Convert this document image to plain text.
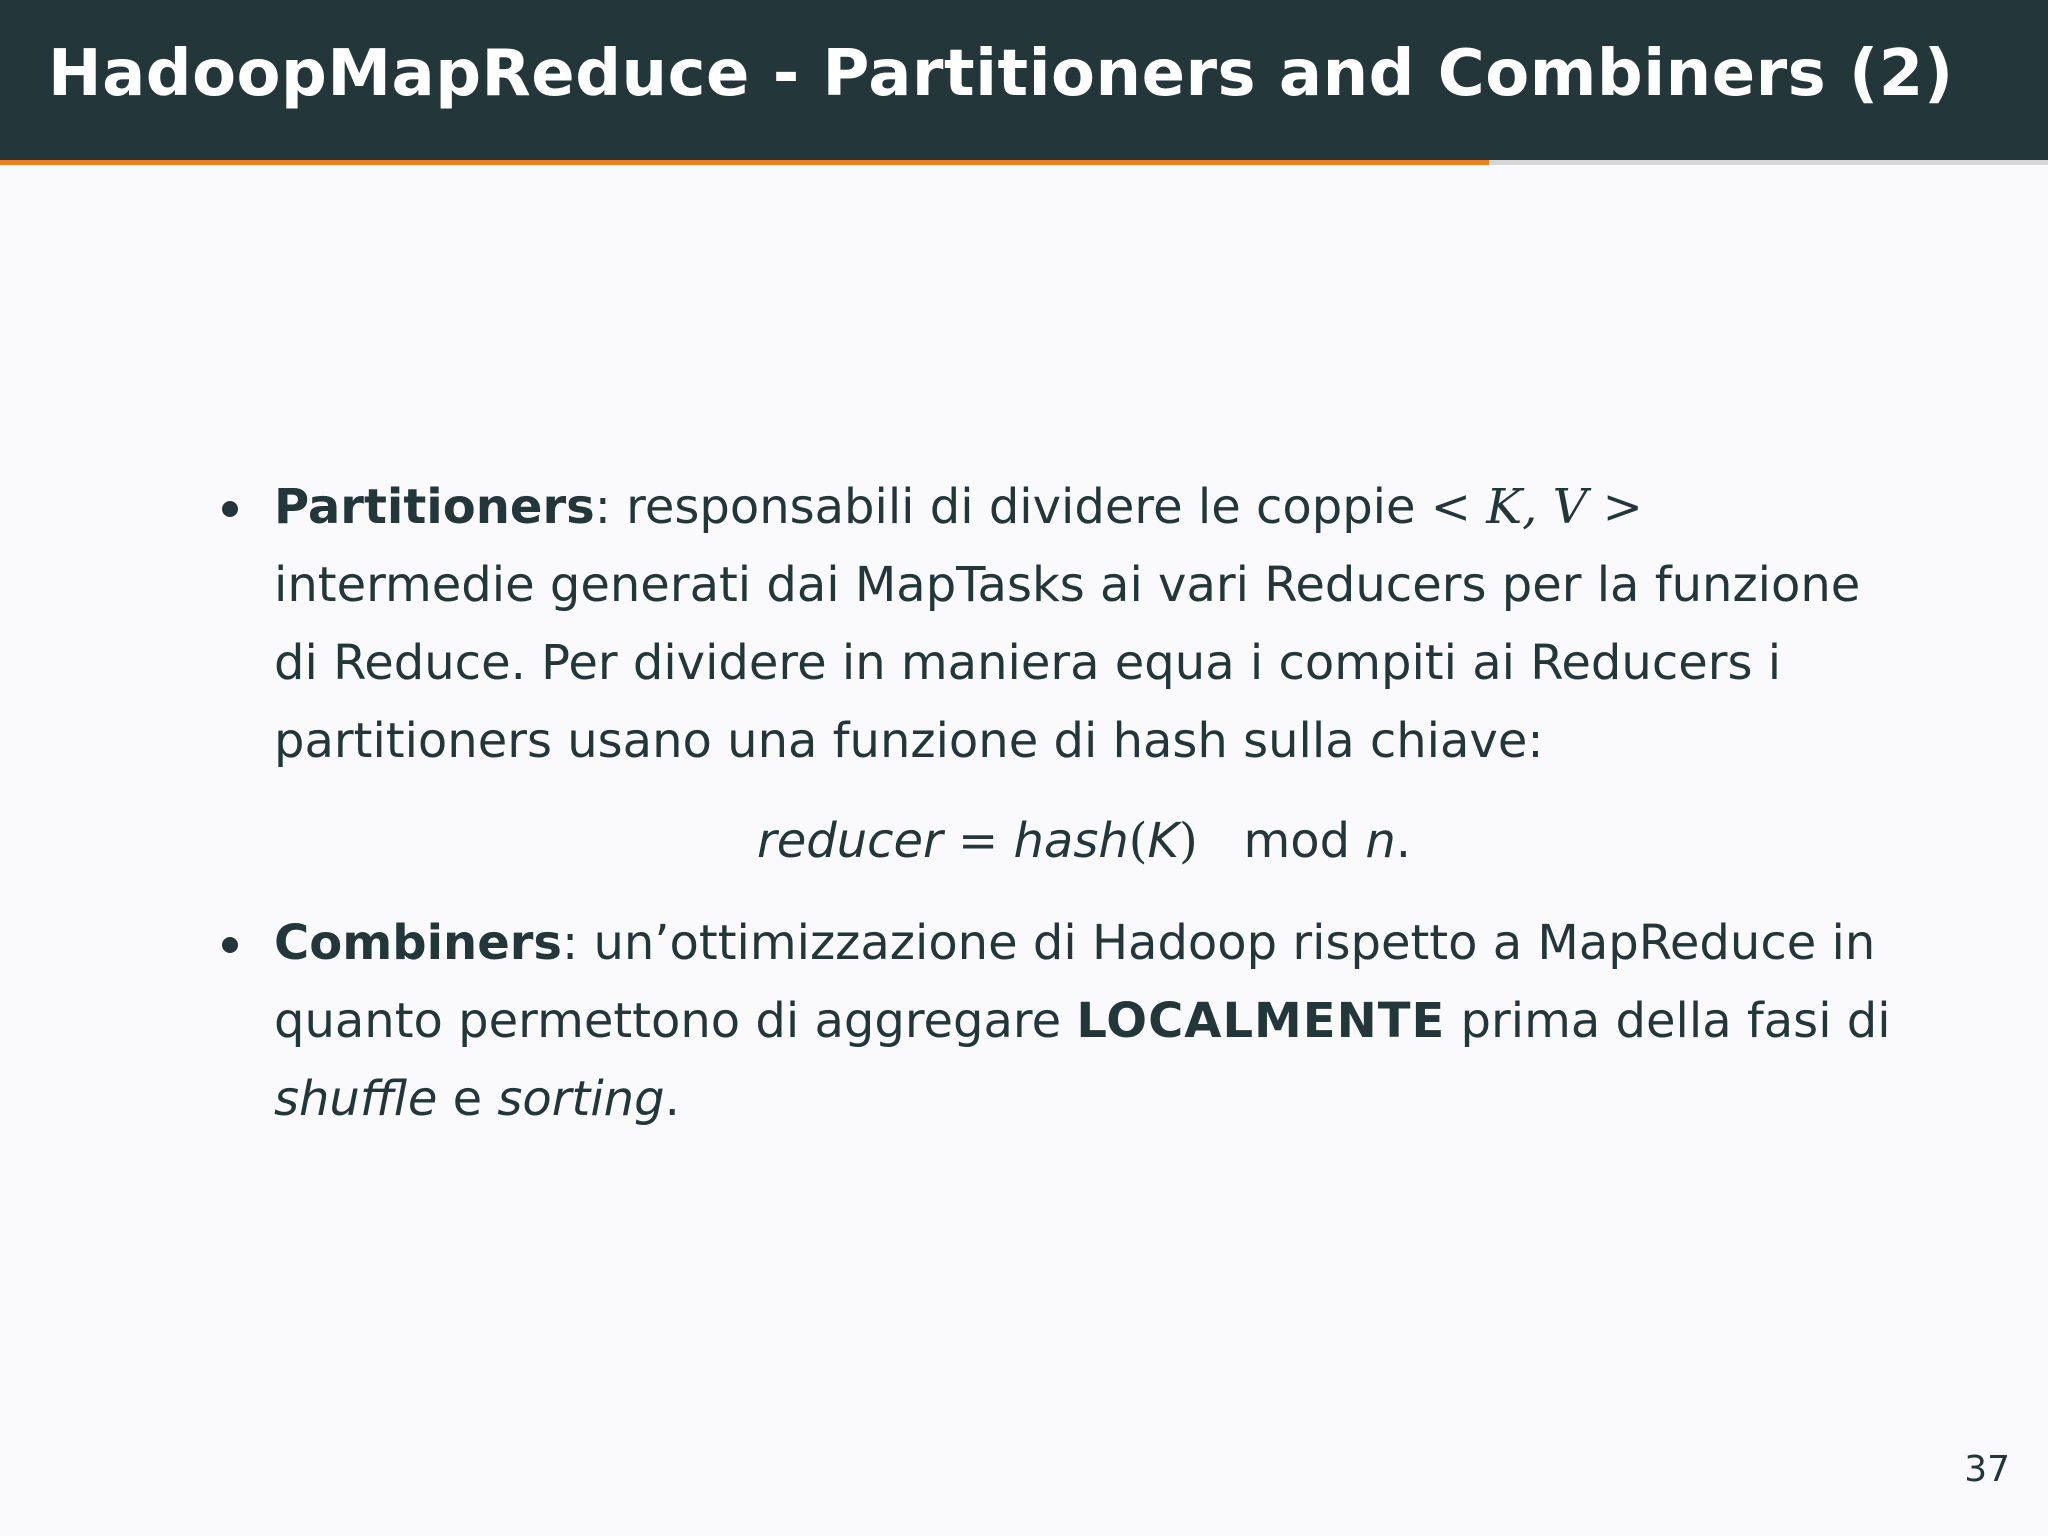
HadoopMapReduce - Partitioners and Combiners (2)
Partitioners: responsabili di dividere le coppie < K, V > intermedie generati dai MapTasks ai vari Reducers per la funzione di Reduce. Per dividere in maniera equa i compiti ai Reducers i partitioners usano una funzione di hash sulla chiave:
reducer = hash(K) mod n.
Combiners: un’ottimizzazione di Hadoop rispetto a MapReduce in quanto permettono di aggregare LOCALMENTE prima della fasi di shuffle e sorting.
37
